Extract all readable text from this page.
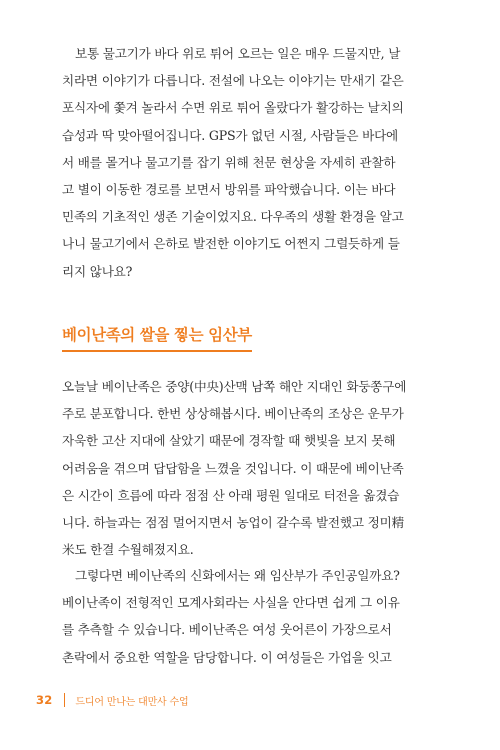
보통 물고기가 바다 위로 튀어 오르는 일은 매우 드물지만, 날
치라면 이야기가 다릅니다. 전설에 나오는 이야기는 만새기 같은
포식자에 쫓겨 놀라서 수면 위로 튀어 올랐다가 활강하는 날치의
습성과 딱 맞아떨어집니다. GPS가 없던 시절, 사람들은 바다에
서 배를 몰거나 물고기를 잡기 위해 천문 현상을 자세히 관찰하
고 별이 이동한 경로를 보면서 방위를 파악했습니다. 이는 바다
민족의 기초적인 생존 기술이었지요. 다우족의 생활 환경을 알고
나니 물고기에서 은하로 발전한 이야기도 어쩐지 그럴듯하게 들
리지 않나요?
베이난족의 쌀을 찧는 임산부
오늘날 베이난족은 중양(中央)산맥 남쪽 해안 지대인 화둥쫑구에
주로 분포합니다. 한번 상상해봅시다. 베이난족의 조상은 운무가
자욱한 고산 지대에 살았기 때문에 경작할 때 햇빛을 보지 못해
어려움을 겪으며 답답함을 느꼈을 것입니다. 이 때문에 베이난족
은 시간이 흐름에 따라 점점 산 아래 평원 일대로 터전을 옮겼습
니다. 하늘과는 점점 멀어지면서 농업이 갈수록 발전했고 정미精
米도 한결 수월해졌지요.
그렇다면 베이난족의 신화에서는 왜 임산부가 주인공일까요?
베이난족이 전형적인 모계사회라는 사실을 안다면 쉽게 그 이유
를 추측할 수 있습니다. 베이난족은 여성 웃어른이 가장으로서
촌락에서 중요한 역할을 담당합니다. 이 여성들은 가업을 잇고
32 드디어 만나는 대만사 수업
